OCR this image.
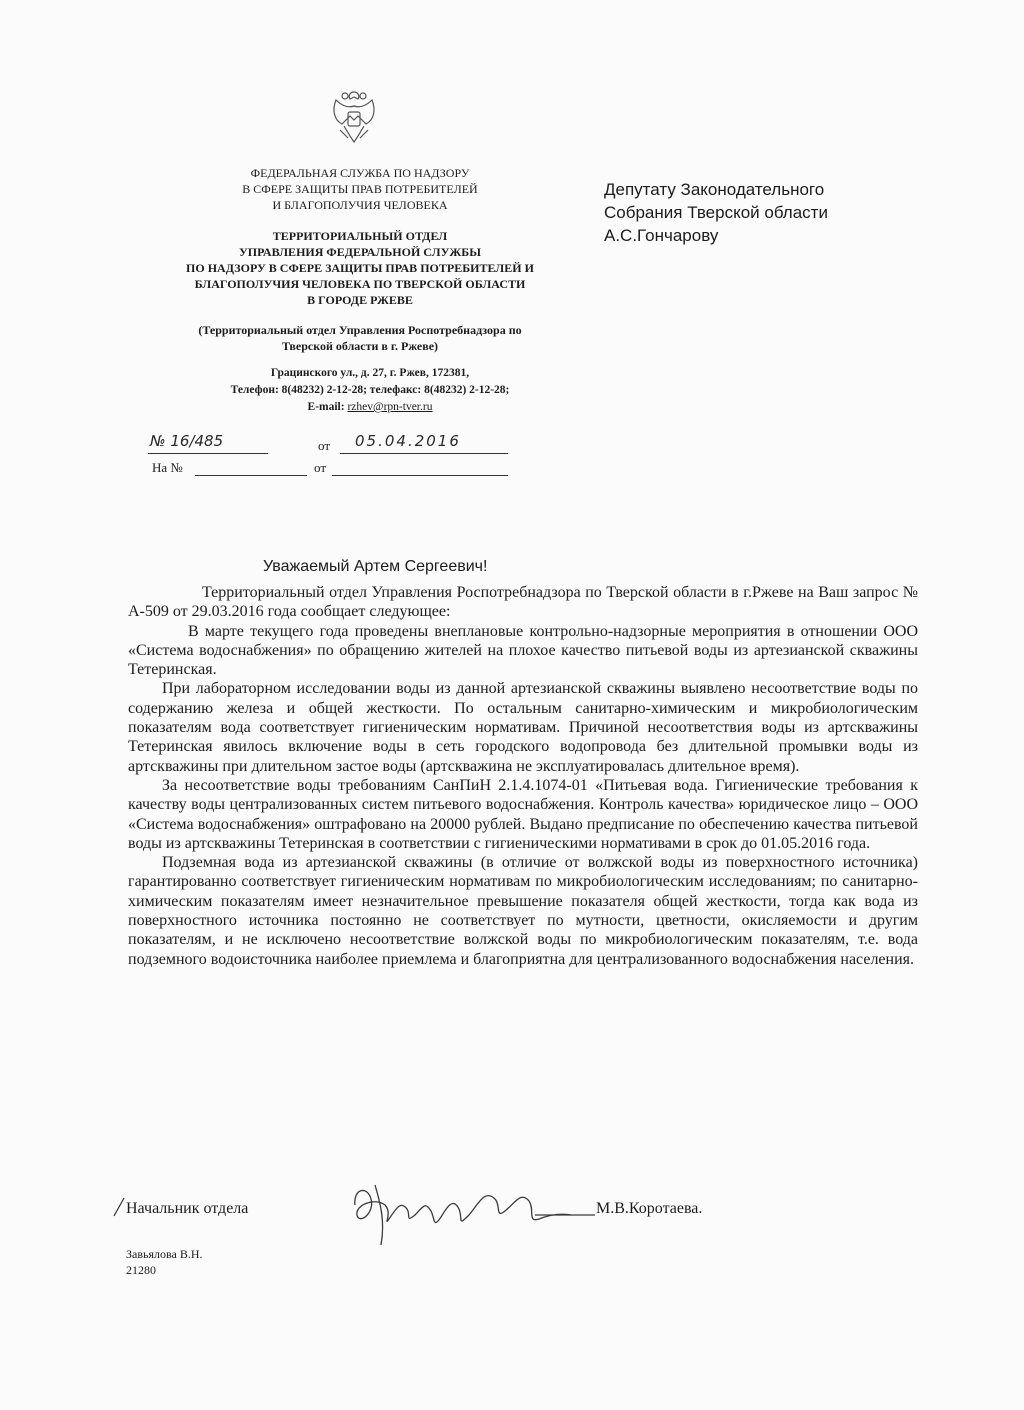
ФЕДЕРАЛЬНАЯ СЛУЖБА ПО НАДЗОРУ
В СФЕРЕ ЗАЩИТЫ ПРАВ ПОТРЕБИТЕЛЕЙ
И БЛАГОПОЛУЧИЯ ЧЕЛОВЕКА
ТЕРРИТОРИАЛЬНЫЙ ОТДЕЛ
УПРАВЛЕНИЯ ФЕДЕРАЛЬНОЙ СЛУЖБЫ
ПО НАДЗОРУ В СФЕРЕ ЗАЩИТЫ ПРАВ ПОТРЕБИТЕЛЕЙ И
БЛАГОПОЛУЧИЯ ЧЕЛОВЕКА ПО ТВЕРСКОЙ ОБЛАСТИ
В ГОРОДЕ РЖЕВЕ
(Территориальный отдел Управления Роспотребнадзора по
Тверской области в г. Ржеве)
Грацинского ул., д. 27, г. Ржев, 172381,
Телефон: 8(48232) 2-12-28; телефакс: 8(48232) 2-12-28;
E-mail: rzhev@rpn-tver.ru
Депутату Законодательного
Собрания Тверской области
А.С.Гончарову
№ 16/485	от 05.04.2016
На №	от
Уважаемый Артем Сергеевич!

Территориальный отдел Управления Роспотребнадзора по Тверской области в г.Ржеве на Ваш запрос № А-509 от 29.03.2016 года сообщает следующее:

В марте текущего года проведены внеплановые контрольно-надзорные мероприятия в отношении ООО «Система водоснабжения» по обращению жителей на плохое качество питьевой воды из артезианской скважины Тетеринская.

При лабораторном исследовании воды из данной артезианской скважины выявлено несоответствие воды по содержанию железа и общей жесткости. По остальным санитарно-химическим и микробиологическим показателям вода соответствует гигиеническим нормативам. Причиной несоответствия воды из артскважины Тетеринская явилось включение воды в сеть городского водопровода без длительной промывки воды из артскважины при длительном застое воды (артскважина не эксплуатировалась длительное время).

За несоответствие воды требованиям СанПиН 2.1.4.1074-01 «Питьевая вода. Гигиенические требования к качеству воды централизованных систем питьевого водоснабжения. Контроль качества» юридическое лицо – ООО «Система водоснабжения» оштрафовано на 20000 рублей. Выдано предписание по обеспечению качества питьевой воды из артскважины Тетеринская в соответствии с гигиеническими нормативами в срок до 01.05.2016 года.

Подземная вода из артезианской скважины (в отличие от волжской воды из поверхностного источника) гарантированно соответствует гигиеническим нормативам по микробиологическим исследованиям; по санитарно-химическим показателям имеет незначительное превышение показателя общей жесткости, тогда как вода из поверхностного источника постоянно не соответствует по мутности, цветности, окисляемости и другим показателям, и не исключено несоответствие волжской воды по микробиологическим показателям, т.е. вода подземного водоисточника наиболее приемлема и благоприятна для централизованного водоснабжения населения.

Начальник отдела	М.В.Коротаева.
Завьялова В.Н.
21280
